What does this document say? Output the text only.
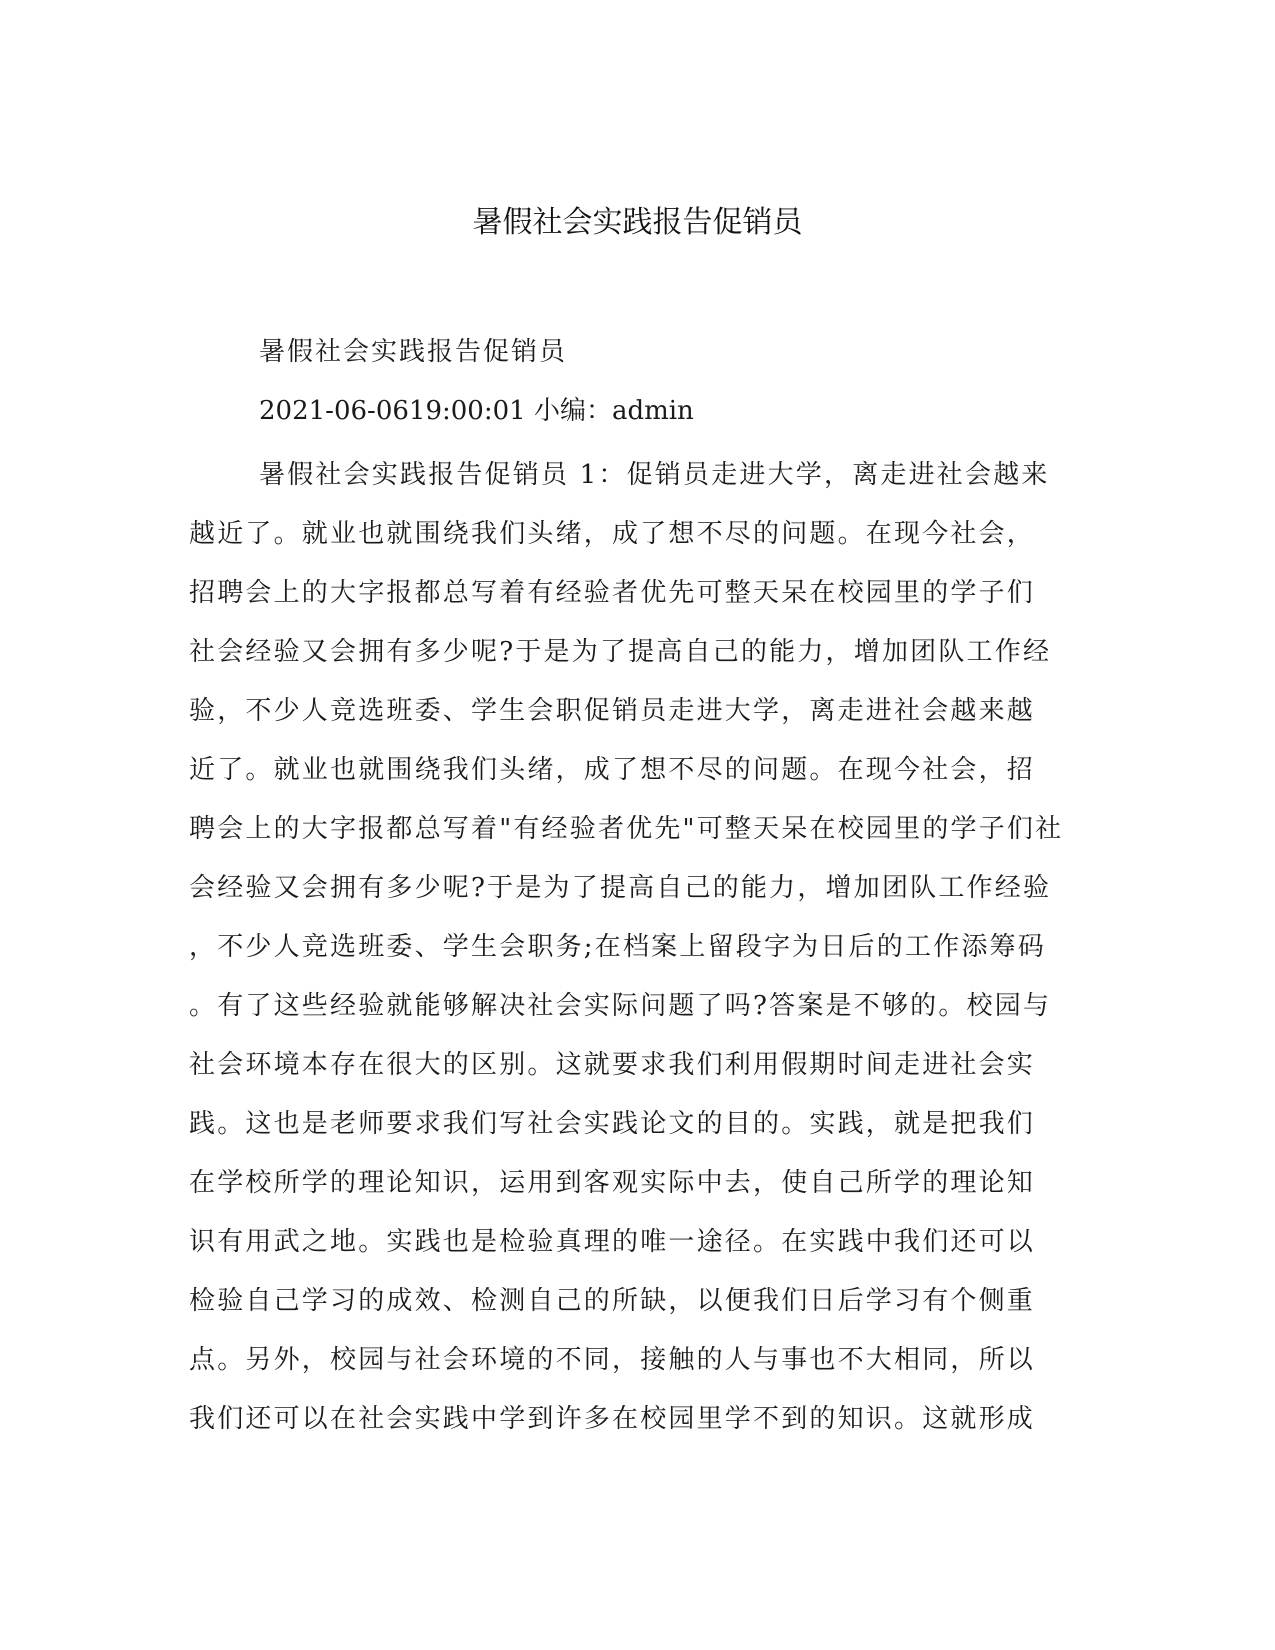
暑假社会实践报告促销员
暑假社会实践报告促销员
2021-06-0619:00:01 小编：admin
暑假社会实践报告促销员 1：促销员走进大学，离走进社会越来
越近了。就业也就围绕我们头绪，成了想不尽的问题。在现今社会，
招聘会上的大字报都总写着有经验者优先可整天呆在校园里的学子们
社会经验又会拥有多少呢?于是为了提高自己的能力，增加团队工作经
验，不少人竞选班委、学生会职促销员走进大学，离走进社会越来越
近了。就业也就围绕我们头绪，成了想不尽的问题。在现今社会，招
聘会上的大字报都总写着"有经验者优先"可整天呆在校园里的学子们社
会经验又会拥有多少呢?于是为了提高自己的能力，增加团队工作经验
，不少人竞选班委、学生会职务;在档案上留段字为日后的工作添筹码
。有了这些经验就能够解决社会实际问题了吗?答案是不够的。校园与
社会环境本存在很大的区别。这就要求我们利用假期时间走进社会实
践。这也是老师要求我们写社会实践论文的目的。实践，就是把我们
在学校所学的理论知识，运用到客观实际中去，使自己所学的理论知
识有用武之地。实践也是检验真理的唯一途径。在实践中我们还可以
检验自己学习的成效、检测自己的所缺，以便我们日后学习有个侧重
点。另外，校园与社会环境的不同，接触的人与事也不大相同，所以
我们还可以在社会实践中学到许多在校园里学不到的知识。这就形成
